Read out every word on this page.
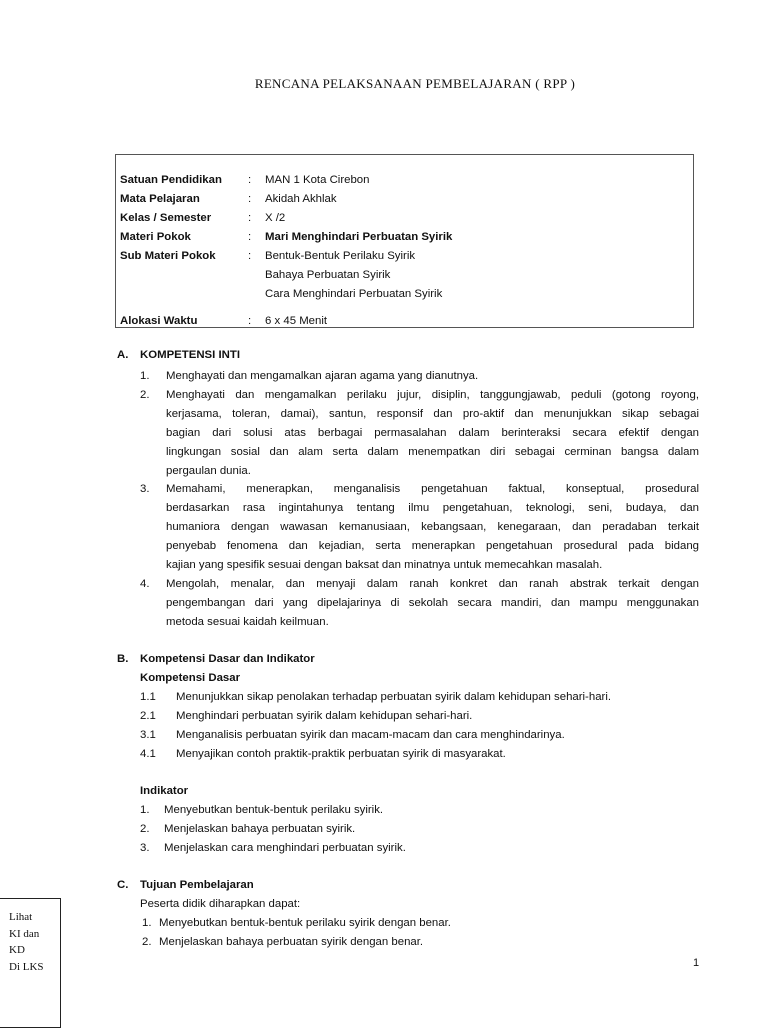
RENCANA PELAKSANAAN PEMBELAJARAN ( RPP )
Satuan Pendidikan	: MAN 1 Kota Cirebon
Mata Pelajaran	: Akidah Akhlak
Kelas / Semester	: X /2
Materi Pokok	: Mari Menghindari Perbuatan Syirik
Sub Materi Pokok	: Bentuk-Bentuk Perilaku Syirik
Bahaya Perbuatan Syirik
Cara Menghindari Perbuatan Syirik
Alokasi Waktu	: 6 x 45 Menit
A. KOMPETENSI INTI
1. Menghayati dan mengamalkan ajaran agama yang dianutnya.
2. Menghayati dan mengamalkan perilaku jujur, disiplin, tanggungjawab, peduli (gotong royong,
kerjasama, toleran, damai), santun, responsif dan pro-aktif dan menunjukkan sikap sebagai
bagian dari solusi atas berbagai permasalahan dalam berinteraksi secara efektif dengan
lingkungan sosial dan alam serta dalam menempatkan diri sebagai cerminan bangsa dalam
pergaulan dunia.
3. Memahami, menerapkan, menganalisis pengetahuan faktual, konseptual, prosedural
berdasarkan rasa ingintahunya tentang ilmu pengetahuan, teknologi, seni, budaya, dan
humaniora dengan wawasan kemanusiaan, kebangsaan, kenegaraan, dan peradaban terkait
penyebab fenomena dan kejadian, serta menerapkan pengetahuan prosedural pada bidang
kajian yang spesifik sesuai dengan baksat dan minatnya untuk memecahkan masalah.
4. Mengolah, menalar, dan menyaji dalam ranah konkret dan ranah abstrak terkait dengan
pengembangan dari yang dipelajarinya di sekolah secara mandiri, dan mampu menggunakan
metoda sesuai kaidah keilmuan.
B. Kompetensi Dasar dan Indikator
Kompetensi Dasar
1.1 Menunjukkan sikap penolakan terhadap perbuatan syirik dalam kehidupan sehari-hari.
2.1 Menghindari perbuatan syirik dalam kehidupan sehari-hari.
3.1 Menganalisis perbuatan syirik dan macam-macam dan cara menghindarinya.
4.1 Menyajikan contoh praktik-praktik perbuatan syirik di masyarakat.
Indikator
1. Menyebutkan bentuk-bentuk perilaku syirik.
2. Menjelaskan bahaya perbuatan syirik.
3. Menjelaskan cara menghindari perbuatan syirik.
C. Tujuan Pembelajaran
Peserta didik diharapkan dapat:
1. Menyebutkan bentuk-bentuk perilaku syirik dengan benar.
2. Menjelaskan bahaya perbuatan syirik dengan benar.
Lihat
KI dan
KD
Di LKS	1
